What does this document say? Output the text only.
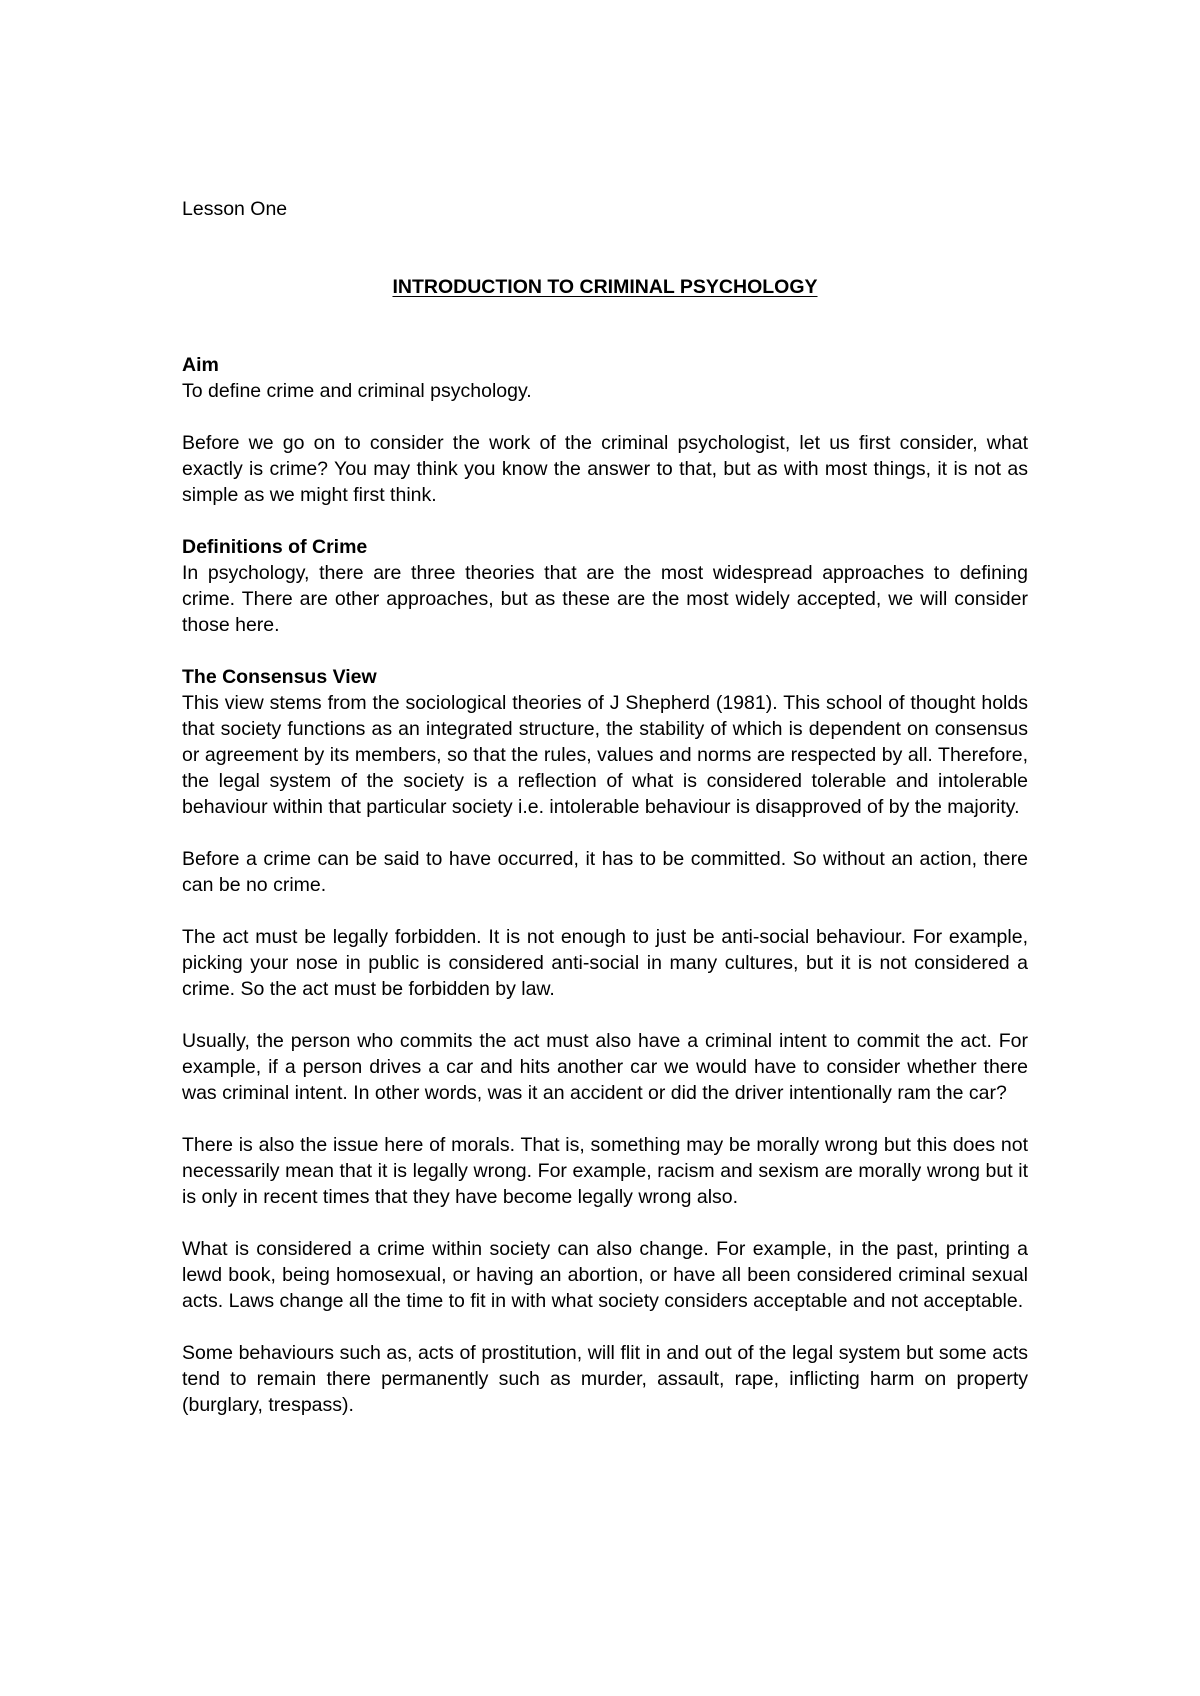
Lesson One

INTRODUCTION TO CRIMINAL PSYCHOLOGY
Aim

To define crime and criminal psychology.

Before we go on to consider the work of the criminal psychologist, let us first consider, what exactly is crime? You may think you know the answer to that, but as with most things, it is not as simple as we might first think.

Definitions of Crime

In psychology, there are three theories that are the most widespread approaches to defining crime. There are other approaches, but as these are the most widely accepted, we will consider those here.

The Consensus View

This view stems from the sociological theories of J Shepherd (1981). This school of thought holds that society functions as an integrated structure, the stability of which is dependent on consensus or agreement by its members, so that the rules, values and norms are respected by all. Therefore, the legal system of the society is a reflection of what is considered tolerable and intolerable behaviour within that particular society i.e. intolerable behaviour is disapproved of by the majority.

Before a crime can be said to have occurred, it has to be committed. So without an action, there can be no crime.

The act must be legally forbidden. It is not enough to just be anti-social behaviour. For example, picking your nose in public is considered anti-social in many cultures, but it is not considered a crime. So the act must be forbidden by law.

Usually, the person who commits the act must also have a criminal intent to commit the act. For example, if a person drives a car and hits another car we would have to consider whether there was criminal intent. In other words, was it an accident or did the driver intentionally ram the car?

There is also the issue here of morals. That is, something may be morally wrong but this does not necessarily mean that it is legally wrong. For example, racism and sexism are morally wrong but it is only in recent times that they have become legally wrong also.

What is considered a crime within society can also change. For example, in the past, printing a lewd book, being homosexual, or having an abortion, or have all been considered criminal sexual acts. Laws change all the time to fit in with what society considers acceptable and not acceptable.

Some behaviours such as, acts of prostitution, will flit in and out of the legal system but some acts tend to remain there permanently such as murder, assault, rape, inflicting harm on property (burglary, trespass).
